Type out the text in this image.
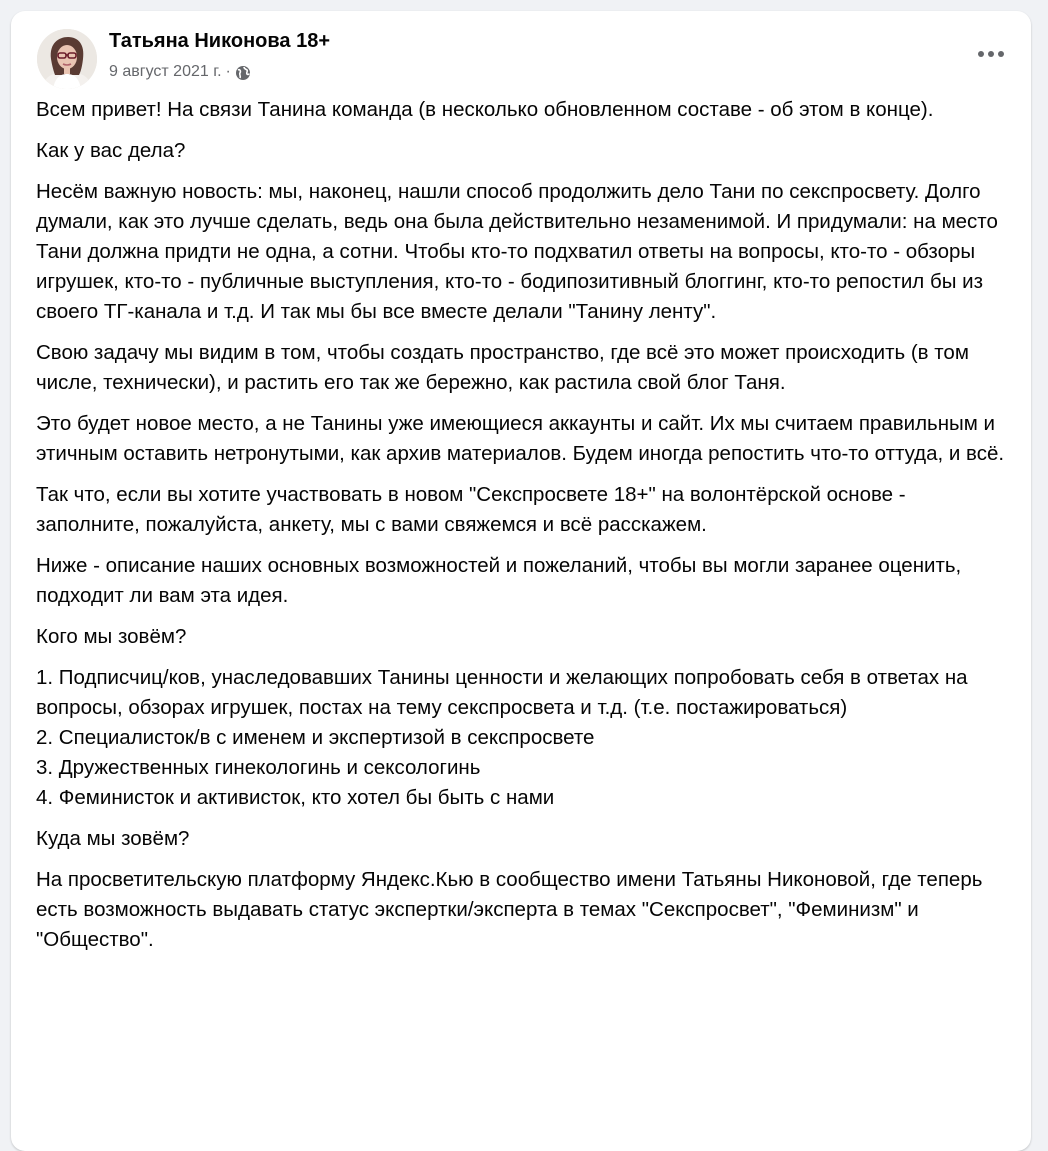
Татьяна Никонова 18+
9 август 2021 г. ·

Всем привет! На связи Танина команда (в несколько обновленном составе - об этом в конце).

Как у вас дела?

Несём важную новость: мы, наконец, нашли способ продолжить дело Тани по секспросвету. Долго думали, как это лучше сделать, ведь она была действительно незаменимой. И придумали: на место Тани должна придти не одна, а сотни. Чтобы кто-то подхватил ответы на вопросы, кто-то - обзоры игрушек, кто-то - публичные выступления, кто-то - бодипозитивный блоггинг, кто-то репостил бы из своего ТГ-канала и т.д. И так мы бы все вместе делали "Танину ленту".

Свою задачу мы видим в том, чтобы создать пространство, где всё это может происходить (в том числе, технически), и растить его так же бережно, как растила свой блог Таня.

Это будет новое место, а не Танины уже имеющиеся аккаунты и сайт. Их мы считаем правильным и этичным оставить нетронутыми, как архив материалов. Будем иногда репостить что-то оттуда, и всё.

Так что, если вы хотите участвовать в новом "Секспросвете 18+" на волонтёрской основе - заполните, пожалуйста, анкету, мы с вами свяжемся и всё расскажем.

Ниже - описание наших основных возможностей и пожеланий, чтобы вы могли заранее оценить, подходит ли вам эта идея.

Кого мы зовём?

1. Подписчиц/ков, унаследовавших Танины ценности и желающих попробовать себя в ответах на вопросы, обзорах игрушек, постах на тему секспросвета и т.д. (т.е. постажироваться)
2. Специалисток/в с именем и экспертизой в секспросвете
3. Дружественных гинекологинь и сексологинь
4. Феминисток и активисток, кто хотел бы быть с нами

Куда мы зовём?

На просветительскую платформу Яндекс.Кью в сообщество имени Татьяны Никоновой, где теперь есть возможность выдавать статус экспертки/эксперта в темах "Секспросвет", "Феминизм" и "Общество".
